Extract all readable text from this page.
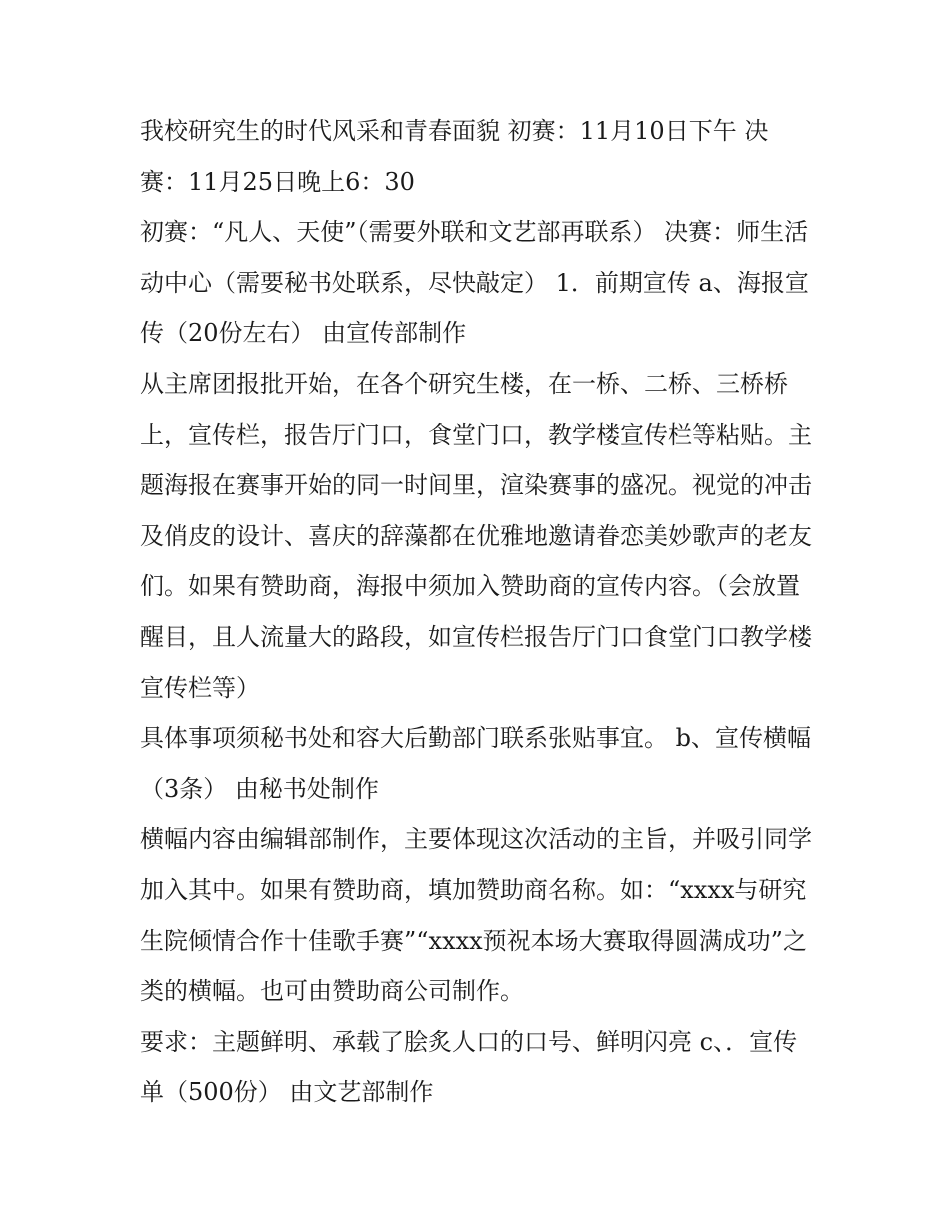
我校研究生的时代风采和青春面貌 初赛：11月10日下午 决赛：11月25日晚上6：30

初赛：“凡人、天使”（需要外联和文艺部再联系） 决赛：师生活动中心（需要秘书处联系，尽快敲定） 1．前期宣传 a、海报宣传（20份左右） 由宣传部制作

从主席团报批开始，在各个研究生楼，在一桥、二桥、三桥桥上，宣传栏，报告厅门口，食堂门口，教学楼宣传栏等粘贴。主题海报在赛事开始的同一时间里，渲染赛事的盛况。视觉的冲击及俏皮的设计、喜庆的辞藻都在优雅地邀请眷恋美妙歌声的老友们。如果有赞助商，海报中须加入赞助商的宣传内容。（会放置醒目，且人流量大的路段，如宣传栏报告厅门口食堂门口教学楼宣传栏等）

具体事项须秘书处和容大后勤部门联系张贴事宜。 b、宣传横幅（3条） 由秘书处制作

横幅内容由编辑部制作，主要体现这次活动的主旨，并吸引同学加入其中。如果有赞助商，填加赞助商名称。如：“xxxx与研究生院倾情合作十佳歌手赛”“xxxx预祝本场大赛取得圆满成功”之类的横幅。也可由赞助商公司制作。

要求：主题鲜明、承载了脍炙人口的口号、鲜明闪亮 c、．宣传单（500份） 由文艺部制作
